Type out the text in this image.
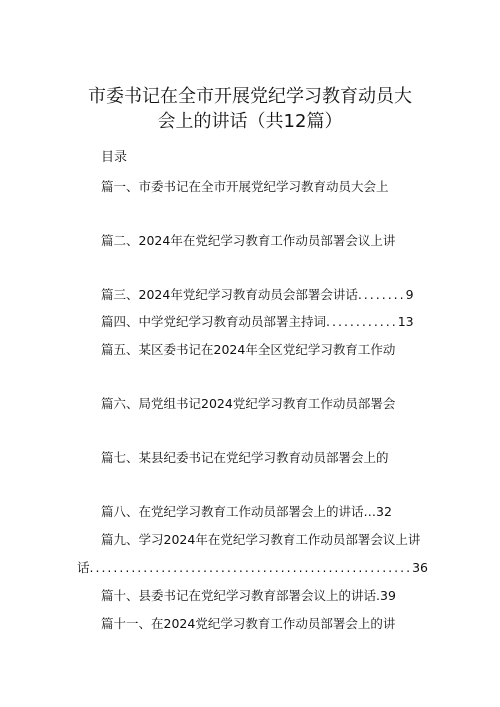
市委书记在全市开展党纪学习教育动员大
会上的讲话（共12篇）
目录
篇一、市委书记在全市开展党纪学习教育动员大会上
篇二、2024年在党纪学习教育工作动员部署会议上讲
篇三、2024年党纪学习教育动员会部署会讲话........9
篇四、中学党纪学习教育动员部署主持词............13
篇五、某区委书记在2024年全区党纪学习教育工作动
篇六、局党组书记2024党纪学习教育工作动员部署会
篇七、某县纪委书记在党纪学习教育动员部署会上的
篇八、在党纪学习教育工作动员部署会上的讲话…32
篇九、学习2024年在党纪学习教育工作动员部署会议上讲
话......................................................36
篇十、县委书记在党纪学习教育部署会议上的讲话.39
篇十一、在2024党纪学习教育工作动员部署会上的讲
